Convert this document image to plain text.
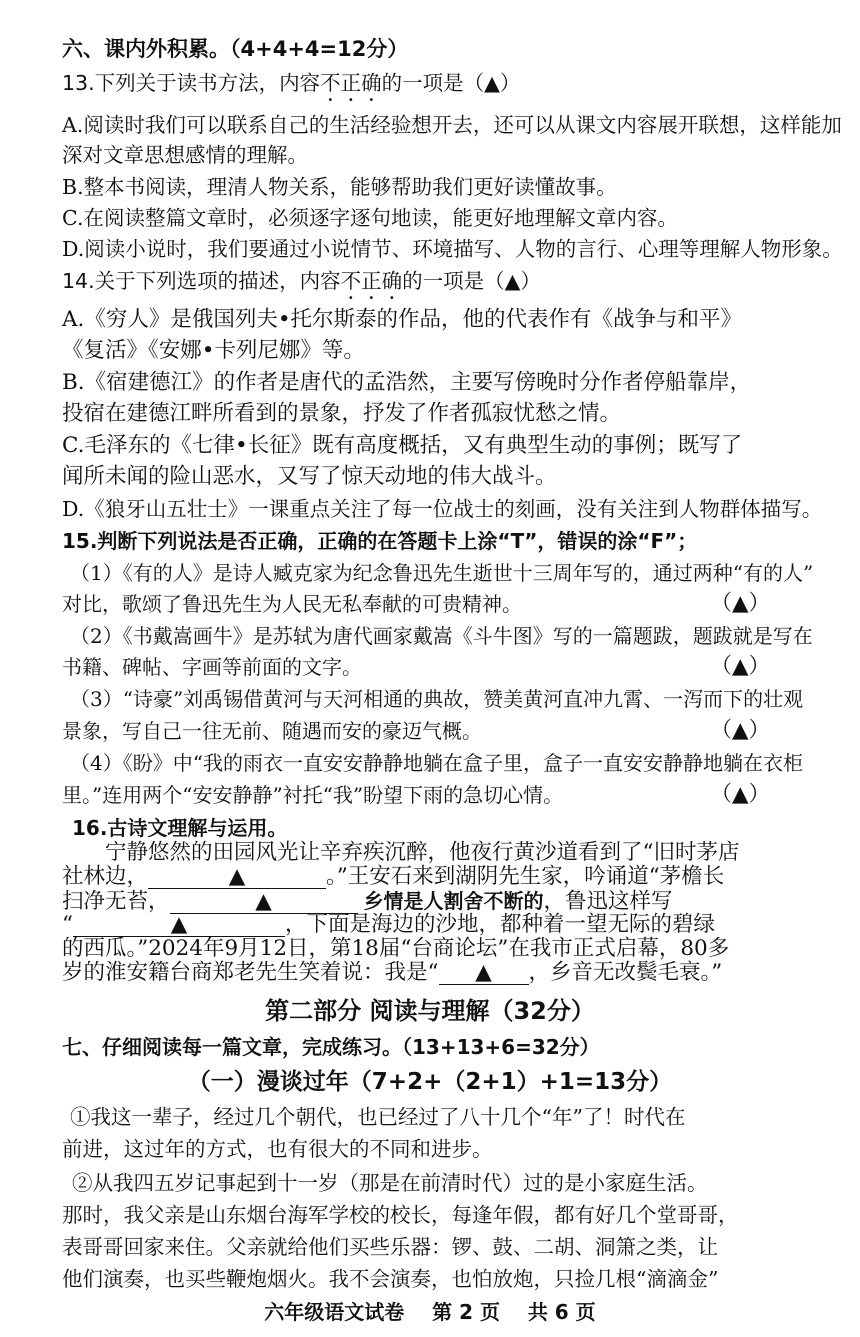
六、课内外积累。（4+4+4=12分）
13.下列关于读书方法，内容不正确的一项是（▲）
A.阅读时我们可以联系自己的生活经验想开去，还可以从课文内容展开联想，这样能加
深对文章思想感情的理解。
B.整本书阅读，理清人物关系，能够帮助我们更好读懂故事。
C.在阅读整篇文章时，必须逐字逐句地读，能更好地理解文章内容。
D.阅读小说时，我们要通过小说情节、环境描写、人物的言行、心理等理解人物形象。
14.关于下列选项的描述，内容不正确的一项是（▲）
A.《穷人》是俄国列夫•托尔斯泰的作品，他的代表作有《战争与和平》
《复活》《安娜•卡列尼娜》等。
B.《宿建德江》的作者是唐代的孟浩然，主要写傍晚时分作者停船靠岸，
投宿在建德江畔所看到的景象，抒发了作者孤寂忧愁之情。
C.毛泽东的《七律•长征》既有高度概括，又有典型生动的事例；既写了
闻所未闻的险山恶水，又写了惊天动地的伟大战斗。
D.《狼牙山五壮士》一课重点关注了每一位战士的刻画，没有关注到人物群体描写。
15.判断下列说法是否正确，正确的在答题卡上涂“T”，错误的涂“F”；
（1）《有的人》是诗人臧克家为纪念鲁迅先生逝世十三周年写的，通过两种“有的人”
对比，歌颂了鲁迅先生为人民无私奉献的可贵精神。	（▲）
（2）《书戴嵩画牛》是苏轼为唐代画家戴嵩《斗牛图》写的一篇题跋，题跋就是写在
书籍、碑帖、字画等前面的文字。	（▲）
（3）“诗豪”刘禹锡借黄河与天河相通的典故，赞美黄河直冲九霄、一泻而下的壮观
景象，写自己一往无前、随遇而安的豪迈气概。	（▲）
（4）《盼》中“我的雨衣一直安安静静地躺在盒子里，盒子一直安安静静地躺在衣柜
里。”连用两个“安安静静”衬托“我”盼望下雨的急切心情。	（▲）
16.古诗文理解与运用。
宁静悠然的田园风光让辛弃疾沉醉，他夜行黄沙道看到了“旧时茅店
社林边，	▲	。”王安石来到湖阴先生家，吟诵道“茅檐长
扫净无苔，	▲	乡情是人割舍不断的，鲁迅这样写
“	▲	，下面是海边的沙地，都种着一望无际的碧绿
的西瓜。”2024年9月12日，第18届“台商论坛”在我市正式启幕，80多
岁的淮安籍台商郑老先生笑着说：我是“ ▲ ，乡音无改鬓毛衰。”
第二部分 阅读与理解（32分）
七、仔细阅读每一篇文章，完成练习。（13+13+6=32分）
（一）漫谈过年（7+2+（2+1）+1=13分）
①我这一辈子，经过几个朝代，也已经过了八十几个“年”了！时代在
前进，这过年的方式，也有很大的不同和进步。
②从我四五岁记事起到十一岁（那是在前清时代）过的是小家庭生活。
那时，我父亲是山东烟台海军学校的校长，每逢年假，都有好几个堂哥哥，
表哥哥回家来住。父亲就给他们买些乐器：锣、鼓、二胡、洞箫之类，让
他们演奏，也买些鞭炮烟火。我不会演奏，也怕放炮，只捡几根“滴滴金”
六年级语文试卷    第 2 页    共 6 页
